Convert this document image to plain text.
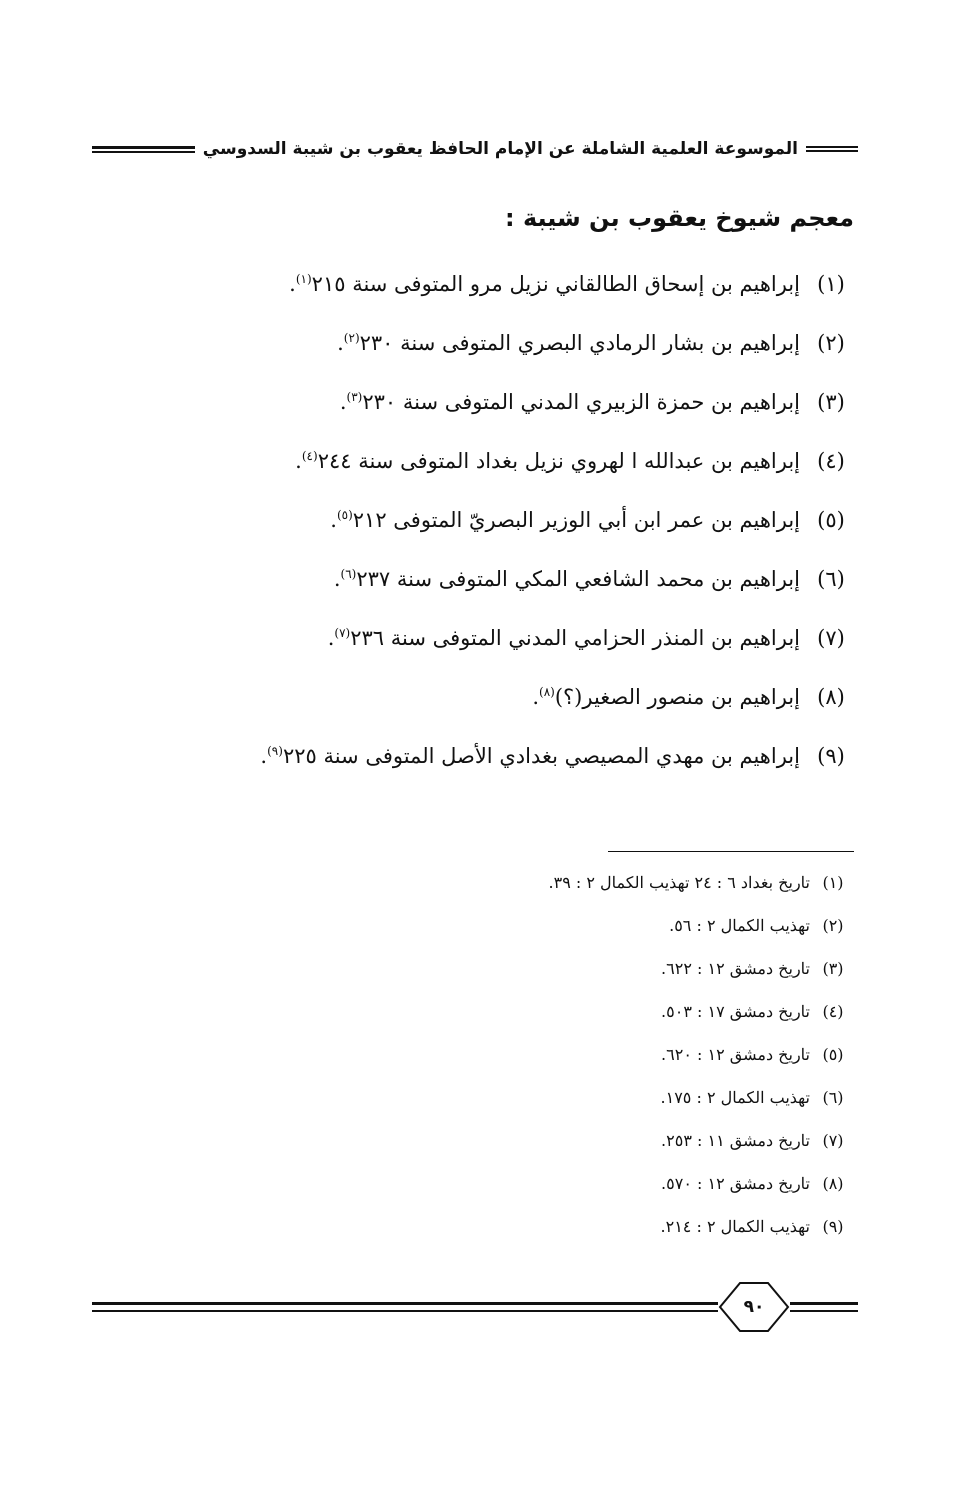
الموسوعة العلمية الشاملة عن الإمام الحافظ يعقوب بن شيبة السدوسي
معجم شيوخ يعقوب بن شيبة :
(١)
إبراهيم بن إسحاق الطالقاني نزيل مرو المتوفى سنة ٢١٥$^{(١)}$.
(٢)
إبراهيم بن بشار الرمادي البصري المتوفى سنة ٢٣٠$^{(٢)}$.
(٣)
إبراهيم بن حمزة الزبيري المدني المتوفى سنة ٢٣٠$^{(٣)}$.
(٤)
إبراهيم بن عبدالله ا لهروي نزيل بغداد المتوفى سنة ٢٤٤$^{(٤)}$.
(٥)
إبراهيم بن عمر ابن أبي الوزير البصريّ المتوفى ٢١٢$^{(٥)}$.
(٦)
إبراهيم بن محمد الشافعي المكي المتوفى سنة ٢٣٧$^{(٦)}$.
(٧)
إبراهيم بن المنذر الحزامي المدني المتوفى سنة ٢٣٦$^{(٧)}$.
(٨)
إبراهيم بن منصور الصغير(؟)$^{(٨)}$.
(٩)
إبراهيم بن مهدي المصيصي بغدادي الأصل المتوفى سنة ٢٢٥$^{(٩)}$.
(١)
تاريخ بغداد ٦ : ٢٤ تهذيب الكمال ٢ : ٣٩.
(٢)
تهذيب الكمال ٢ : ٥٦.
(٣)
تاريخ دمشق ١٢ : ٦٢٢.
(٤)
تاريخ دمشق ١٧ : ٥٠٣.
(٥)
تاريخ دمشق ١٢ : ٦٢٠.
(٦)
تهذيب الكمال ٢ : ١٧٥.
(٧)
تاريخ دمشق ١١ : ٢٥٣.
(٨)
تاريخ دمشق ١٢ : ٥٧٠.
(٩)
تهذيب الكمال ٢ : ٢١٤.
٩٠
